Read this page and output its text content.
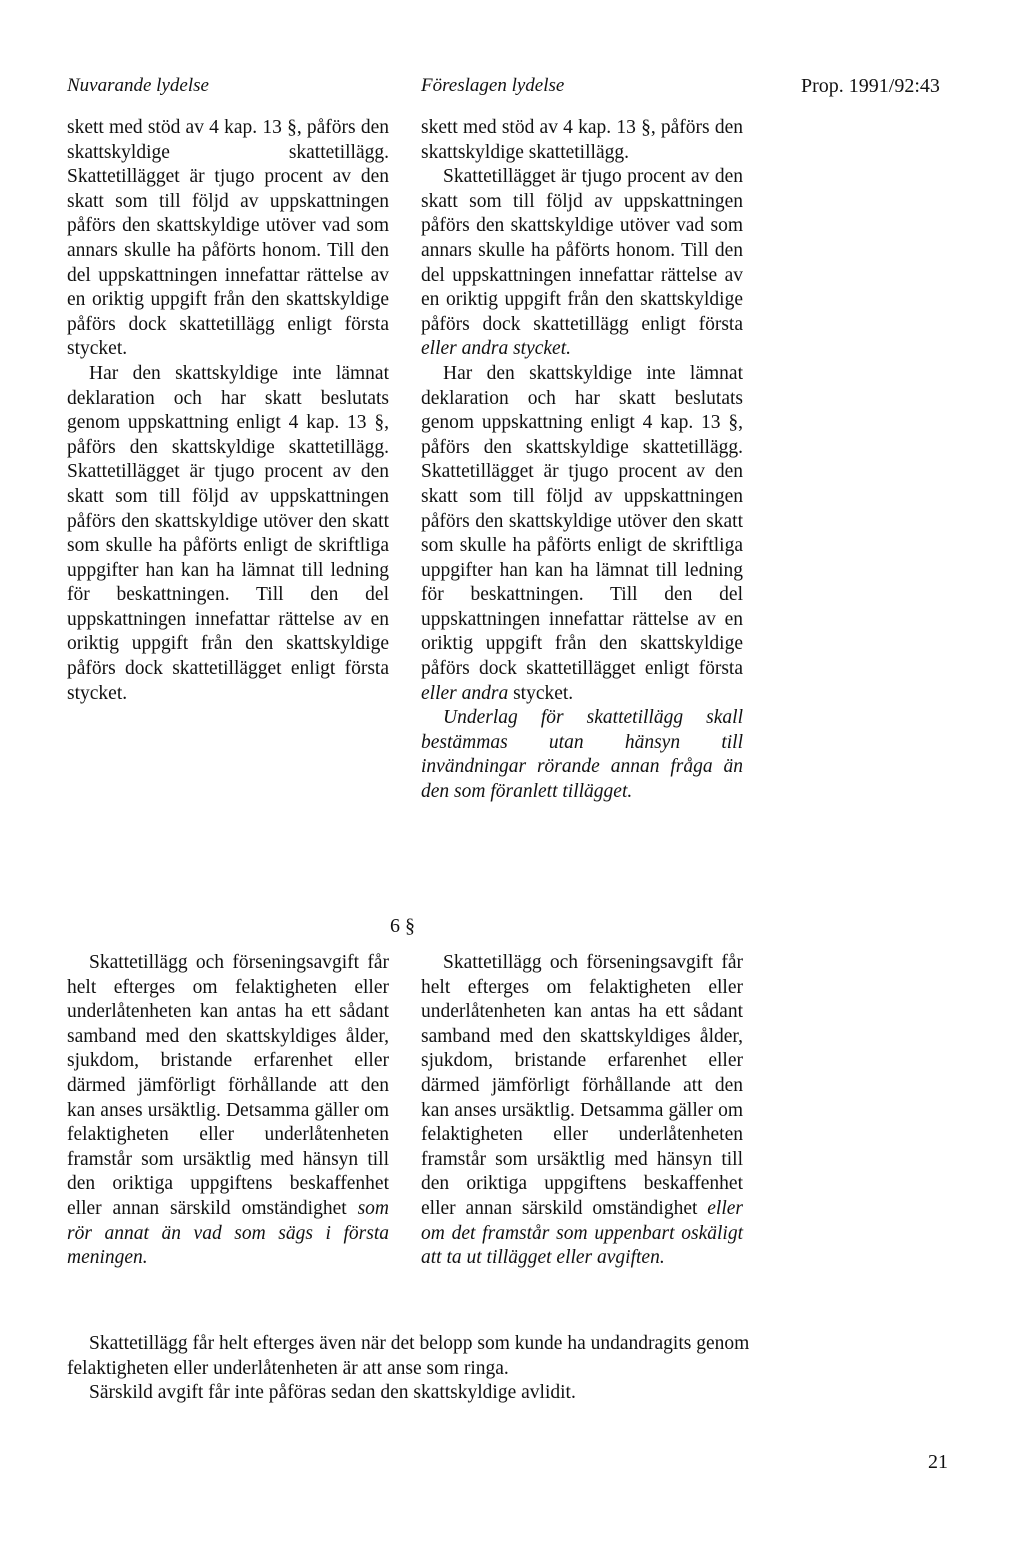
Nuvarande lydelse	Föreslagen lydelse	Prop. 1991/92:43

skett med stöd av 4 kap. 13 §, påförs den skattskyldige skattetillägg. Skattetillägget är tjugo procent av den skatt som till följd av uppskattningen påförs den skattskyldige utöver vad som annars skulle ha påförts honom. Till den del uppskattningen innefattar rättelse av en oriktig uppgift från den skattskyldige påförs dock skattetillägg enligt första stycket.

Har den skattskyldige inte lämnat deklaration och har skatt beslutats genom uppskattning enligt 4 kap. 13 §, påförs den skattskyldige skattetillägg. Skattetillägget är tjugo procent av den skatt som till följd av uppskattningen påförs den skattskyldige utöver den skatt som skulle ha påförts enligt de skriftliga uppgifter han kan ha lämnat till ledning för beskattningen. Till den del uppskattningen innefattar rättelse av en oriktig uppgift från den skattskyldige påförs dock skattetillägget enligt första stycket.

skett med stöd av 4 kap. 13 §, påförs den skattskyldige skattetillägg.

Skattetillägget är tjugo procent av den skatt som till följd av uppskattningen påförs den skattskyldige utöver vad som annars skulle ha påförts honom. Till den del uppskattningen innefattar rättelse av en oriktig uppgift från den skattskyldige påförs dock skattetillägg enligt första eller andra stycket.

Har den skattskyldige inte lämnat deklaration och har skatt beslutats genom uppskattning enligt 4 kap. 13 §, påförs den skattskyldige skattetillägg. Skattetillägget är tjugo procent av den skatt som till följd av uppskattningen påförs den skattskyldige utöver den skatt som skulle ha påförts enligt de skriftliga uppgifter han kan ha lämnat till ledning för beskattningen. Till den del uppskattningen innefattar rättelse av en oriktig uppgift från den skattskyldige påförs dock skattetillägget enligt första eller andra stycket.

Underlag för skattetillägg skall bestämmas utan hänsyn till invändningar rörande annan fråga än den som föranlett tillägget.

6 §

Skattetillägg och förseningsavgift får helt efterges om felaktigheten eller underlåtenheten kan antas ha ett sådant samband med den skattskyldiges ålder, sjukdom, bristande erfarenhet eller därmed jämförligt förhållande att den kan anses ursäktlig. Detsamma gäller om felaktigheten eller underlåtenheten framstår som ursäktlig med hänsyn till den oriktiga uppgiftens beskaffenhet eller annan särskild omständighet som rör annat än vad som sägs i första meningen.

Skattetillägg och förseningsavgift får helt efterges om felaktigheten eller underlåtenheten kan antas ha ett sådant samband med den skattskyldiges ålder, sjukdom, bristande erfarenhet eller därmed jämförligt förhållande att den kan anses ursäktlig. Detsamma gäller om felaktigheten eller underlåtenheten framstår som ursäktlig med hänsyn till den oriktiga uppgiftens beskaffenhet eller annan särskild omständighet eller om det framstår som uppenbart oskäligt att ta ut tillägget eller avgiften.

Skattetillägg får helt efterges även när det belopp som kunde ha undandragits genom felaktigheten eller underlåtenheten är att anse som ringa.

Särskild avgift får inte påföras sedan den skattskyldige avlidit.

21
